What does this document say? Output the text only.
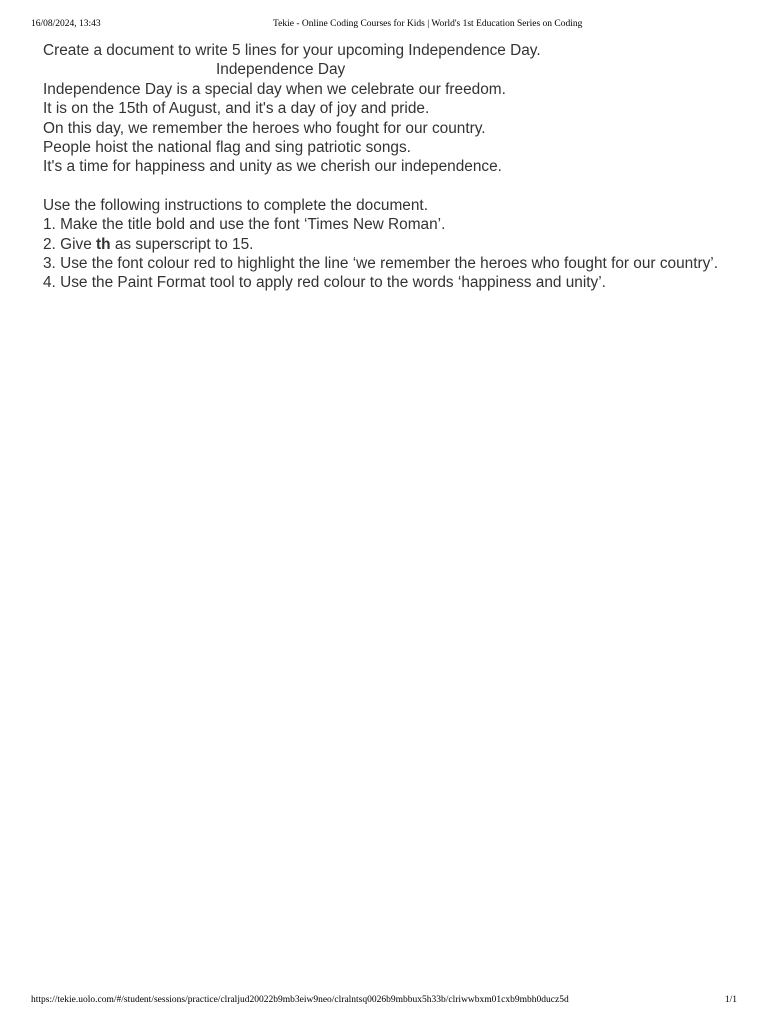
16/08/2024, 13:43	Tekie - Online Coding Courses for Kids | World's 1st Education Series on Coding

Create a document to write 5 lines for your upcoming Independence Day.

Independence Day

Independence Day is a special day when we celebrate our freedom.

It is on the 15th of August, and it's a day of joy and pride.

On this day, we remember the heroes who fought for our country.

People hoist the national flag and sing patriotic songs.

It's a time for happiness and unity as we cherish our independence.

Use the following instructions to complete the document.

1. Make the title bold and use the font ‘Times New Roman’.

2. Give th as superscript to 15.

3. Use the font colour red to highlight the line ‘we remember the heroes who fought for our country’.

4. Use the Paint Format tool to apply red colour to the words ‘happiness and unity’.

https://tekie.uolo.com/#/student/sessions/practice/clraljud20022b9mb3eiw9neo/clralntsq0026b9mbbux5h33b/clriwwbxm01cxb9mbh0ducz5d	1/1
